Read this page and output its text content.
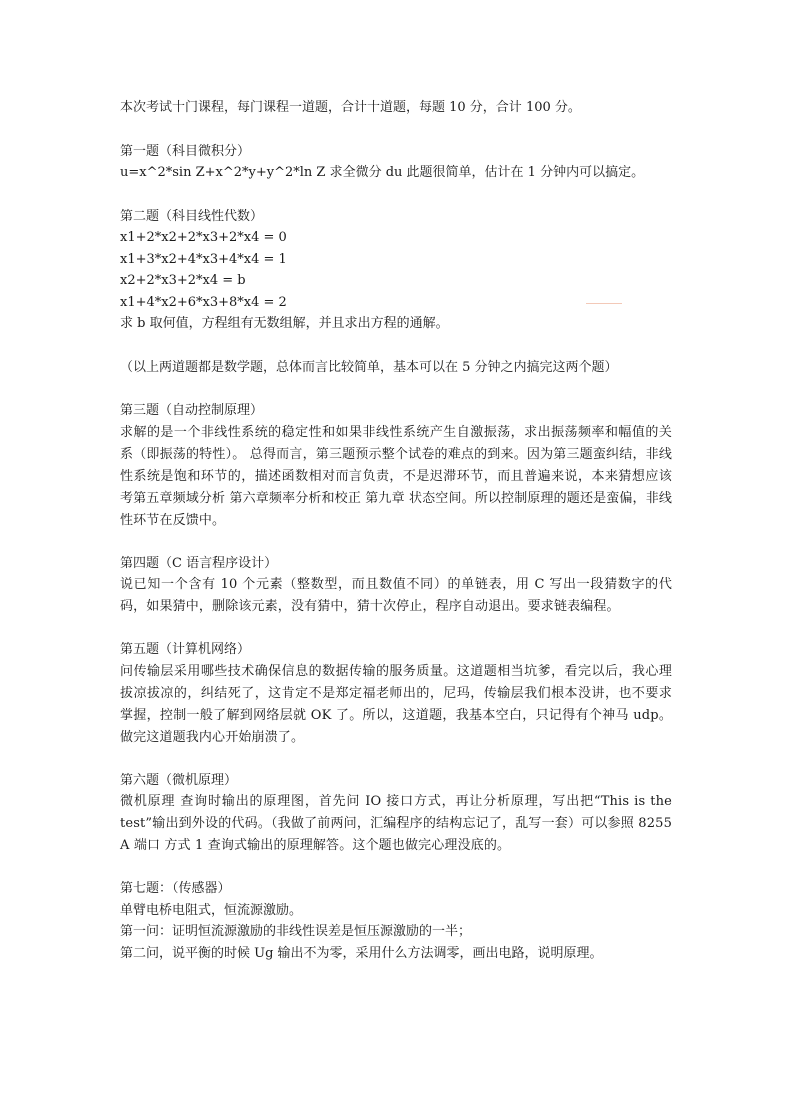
本次考试十门课程，每门课程一道题，合计十道题，每题 10 分，合计 100 分。
第一题（科目微积分）
u=x^2*sin Z+x^2*y+y^2*ln Z 求全微分 du 此题很简单，估计在 1 分钟内可以搞定。
第二题（科目线性代数）
x1+2*x2+2*x3+2*x4 = 0
x1+3*x2+4*x3+4*x4 = 1
x2+2*x3+2*x4 = b
x1+4*x2+6*x3+8*x4 = 2
求 b 取何值，方程组有无数组解，并且求出方程的通解。
（以上两道题都是数学题，总体而言比较简单，基本可以在 5 分钟之内搞完这两个题）
第三题（自动控制原理）
求解的是一个非线性系统的稳定性和如果非线性系统产生自激振荡，求出振荡频率和幅值的关系（即振荡的特性）。 总得而言，第三题预示整个试卷的难点的到来。因为第三题蛮纠结，非线性系统是饱和环节的，描述函数相对而言负责，不是迟滞环节，而且普遍来说，本来猜想应该考第五章频域分析 第六章频率分析和校正 第九章 状态空间。所以控制原理的题还是蛮偏，非线性环节在反馈中。
第四题（C 语言程序设计）
说已知一个含有 10 个元素（整数型，而且数值不同）的单链表，用 C 写出一段猜数字的代码，如果猜中，删除该元素，没有猜中，猜十次停止，程序自动退出。要求链表编程。
第五题（计算机网络）
问传输层采用哪些技术确保信息的数据传输的服务质量。这道题相当坑爹，看完以后，我心理拔凉拔凉的，纠结死了，这肯定不是郑定福老师出的，尼玛，传输层我们根本没讲，也不要求掌握，控制一般了解到网络层就 OK 了。所以，这道题，我基本空白，只记得有个神马 udp。做完这道题我内心开始崩溃了。
第六题（微机原理）
微机原理 查询时输出的原理图，首先问 IO 接口方式，再让分析原理，写出把“This is the test”输出到外设的代码。（我做了前两问，汇编程序的结构忘记了，乱写一套）可以参照 8255 A 端口 方式 1 查询式输出的原理解答。这个题也做完心理没底的。
第七题：（传感器）
单臂电桥电阻式，恒流源激励。
第一问：证明恒流源激励的非线性误差是恒压源激励的一半；
第二问，说平衡的时候 Ug 输出不为零，采用什么方法调零，画出电路，说明原理。
